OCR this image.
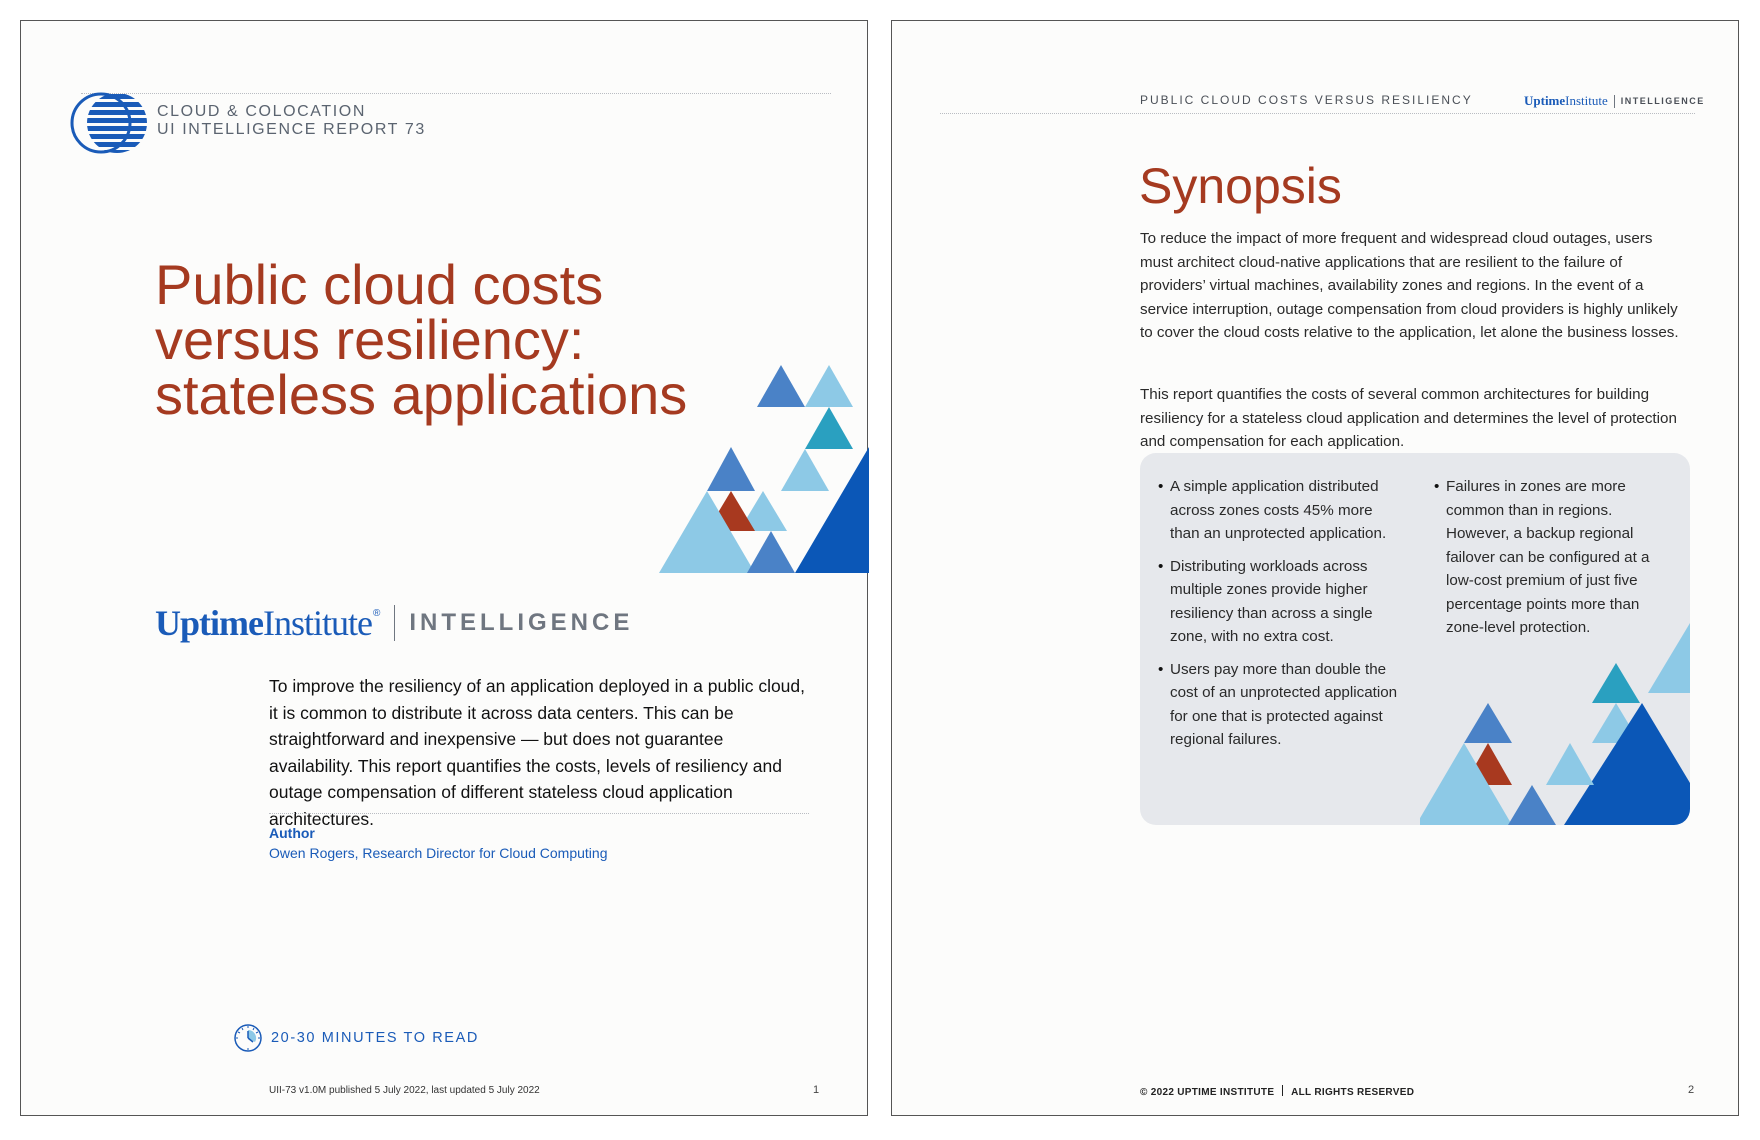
CLOUD & COLOCATION
UI INTELLIGENCE REPORT 73
Public cloud costs
versus resiliency:
stateless applications
Uptime Institute ® INTELLIGENCE

To improve the resiliency of an application deployed in a public cloud, it is common to distribute it across data centers. This can be straightforward and inexpensive — but does not guarantee availability. This report quantifies the costs, levels of resiliency and outage compensation of different stateless cloud application architectures.

Author
Owen Rogers, Research Director for Cloud Computing
20-30 MINUTES TO READ
UII-73 v1.0M published 5 July 2022, last updated 5 July 2022	1
PUBLIC CLOUD COSTS VERSUS RESILIENCY	Uptime Institute INTELLIGENCE
Synopsis

To reduce the impact of more frequent and widespread cloud outages, users must architect cloud-native applications that are resilient to the failure of providers’ virtual machines, availability zones and regions. In the event of a service interruption, outage compensation from cloud providers is highly unlikely to cover the cloud costs relative to the application, let alone the business losses.

This report quantifies the costs of several common architectures for building resiliency for a stateless cloud application and determines the level of protection and compensation for each application.

• A simple application distributed across zones costs 45% more than an unprotected application.
• Distributing workloads across multiple zones provide higher resiliency than across a single zone, with no extra cost.
• Users pay more than double the cost of an unprotected application for one that is protected against regional failures.
• Failures in zones are more common than in regions. However, a backup regional failover can be configured at a low-cost premium of just five percentage points more than zone-level protection.
© 2022 UPTIME INSTITUTE ALL RIGHTS RESERVED	2
